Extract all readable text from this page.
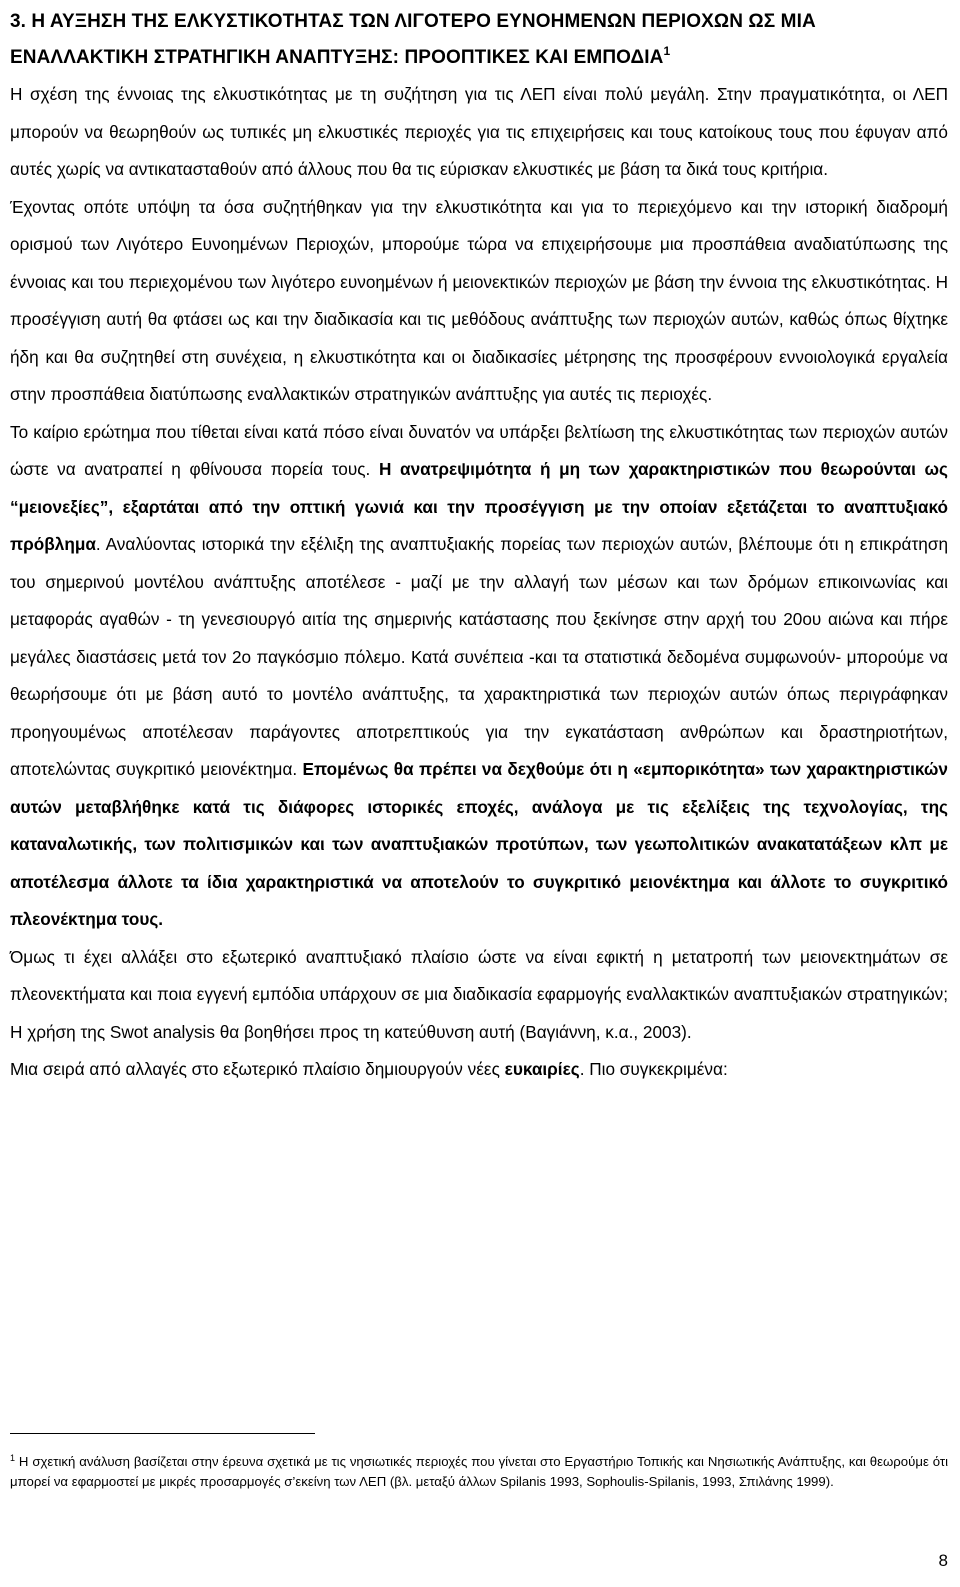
3. Η ΑΥΞΗΣΗ ΤΗΣ ΕΛΚΥΣΤΙΚΟΤΗΤΑΣ ΤΩΝ ΛΙΓΟΤΕΡΟ ΕΥΝΟΗΜΕΝΩΝ ΠΕΡΙΟΧΩΝ ΩΣ ΜΙΑ ΕΝΑΛΛΑΚΤΙΚΗ ΣΤΡΑΤΗΓΙΚΗ ΑΝΑΠΤΥΞΗΣ: ΠΡΟΟΠΤΙΚΕΣ ΚΑΙ ΕΜΠΟΔΙΑ$^1$

Η σχέση της έννοιας της ελκυστικότητας με τη συζήτηση για τις ΛΕΠ είναι πολύ μεγάλη. Στην πραγματικότητα, οι ΛΕΠ μπορούν να θεωρηθούν ως τυπικές μη ελκυστικές περιοχές για τις επιχειρήσεις και τους κατοίκους τους που έφυγαν από αυτές χωρίς να αντικατασταθούν από άλλους που θα τις εύρισκαν ελκυστικές με βάση τα δικά τους κριτήρια.

Έχοντας οπότε υπόψη τα όσα συζητήθηκαν για την ελκυστικότητα και για το περιεχόμενο και την ιστορική διαδρομή ορισμού των Λιγότερο Ευνοημένων Περιοχών, μπορούμε τώρα να επιχειρήσουμε μια προσπάθεια αναδιατύπωσης της έννοιας και του περιεχομένου των λιγότερο ευνοημένων ή μειονεκτικών περιοχών με βάση την έννοια της ελκυστικότητας. Η προσέγγιση αυτή θα φτάσει ως και την διαδικασία και τις μεθόδους ανάπτυξης των περιοχών αυτών, καθώς όπως θίχτηκε ήδη και θα συζητηθεί στη συνέχεια, η ελκυστικότητα και οι διαδικασίες μέτρησης της προσφέρουν εννοιολογικά εργαλεία στην προσπάθεια διατύπωσης εναλλακτικών στρατηγικών ανάπτυξης για αυτές τις περιοχές.

Το καίριο ερώτημα που τίθεται είναι κατά πόσο είναι δυνατόν να υπάρξει βελτίωση της ελκυστικότητας των περιοχών αυτών ώστε να ανατραπεί η φθίνουσα πορεία τους. Η ανατρεψιμότητα ή μη των χαρακτηριστικών που θεωρούνται ως “μειονεξίες”, εξαρτάται από την οπτική γωνιά και την προσέγγιση με την οποίαν εξετάζεται το αναπτυξιακό πρόβλημα. Αναλύοντας ιστορικά την εξέλιξη της αναπτυξιακής πορείας των περιοχών αυτών, βλέπουμε ότι η επικράτηση του σημερινού μοντέλου ανάπτυξης αποτέλεσε - μαζί με την αλλαγή των μέσων και των δρόμων επικοινωνίας και μεταφοράς αγαθών - τη γενεσιουργό αιτία της σημερινής κατάστασης που ξεκίνησε στην αρχή του 20ου αιώνα και πήρε μεγάλες διαστάσεις μετά τον 2ο παγκόσμιο πόλεμο. Κατά συνέπεια -και τα στατιστικά δεδομένα συμφωνούν- μπορούμε να θεωρήσουμε ότι με βάση αυτό το μοντέλο ανάπτυξης, τα χαρακτηριστικά των περιοχών αυτών όπως περιγράφηκαν προηγουμένως αποτέλεσαν παράγοντες αποτρεπτικούς για την εγκατάσταση ανθρώπων και δραστηριοτήτων, αποτελώντας συγκριτικό μειονέκτημα. Επομένως θα πρέπει να δεχθούμε ότι η «εμπορικότητα» των χαρακτηριστικών αυτών μεταβλήθηκε κατά τις διάφορες ιστορικές εποχές, ανάλογα με τις εξελίξεις της τεχνολογίας, της καταναλωτικής, των πολιτισμικών και των αναπτυξιακών προτύπων, των γεωπολιτικών ανακατατάξεων κλπ με αποτέλεσμα άλλοτε τα ίδια χαρακτηριστικά να αποτελούν το συγκριτικό μειονέκτημα και άλλοτε το συγκριτικό πλεονέκτημα τους.

Όμως τι έχει αλλάξει στο εξωτερικό αναπτυξιακό πλαίσιο ώστε να είναι εφικτή η μετατροπή των μειονεκτημάτων σε πλεονεκτήματα και ποια εγγενή εμπόδια υπάρχουν σε μια διαδικασία εφαρμογής εναλλακτικών αναπτυξιακών στρατηγικών; Η χρήση της Swot analysis θα βοηθήσει προς τη κατεύθυνση αυτή (Βαγιάννη, κ.α., 2003).

Μια σειρά από αλλαγές στο εξωτερικό πλαίσιο δημιουργούν νέες ευκαιρίες. Πιο συγκεκριμένα:

$^1$ Η σχετική ανάλυση βασίζεται στην έρευνα σχετικά με τις νησιωτικές περιοχές που γίνεται στο Εργαστήριο Τοπικής και Νησιωτικής Ανάπτυξης, και θεωρούμε ότι μπορεί να εφαρμοστεί με μικρές προσαρμογές σ’εκείνη των ΛΕΠ (βλ. μεταξύ άλλων Spilanis 1993, Sophoulis-Spilanis, 1993, Σπιλάνης 1999).
8
